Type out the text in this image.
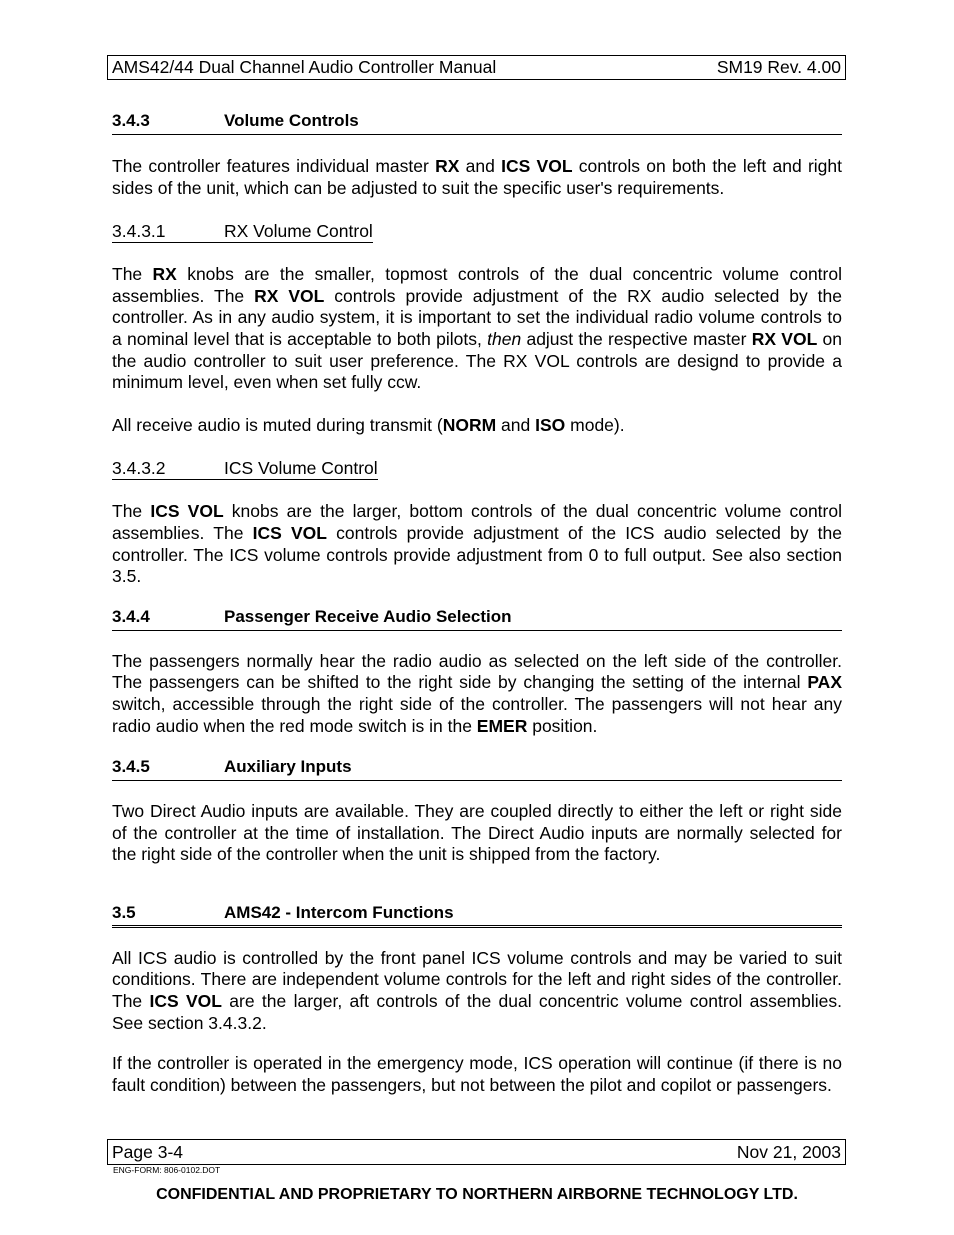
AMS42/44 Dual Channel Audio Controller Manual	SM19 Rev. 4.00
3.4.3	Volume Controls

The controller features individual master RX and ICS VOL controls on both the left and right sides of the unit, which can be adjusted to suit the specific user's requirements.

3.4.3.1	RX Volume Control

The RX knobs are the smaller, topmost controls of the dual concentric volume control assemblies. The RX VOL controls provide adjustment of the RX audio selected by the controller. As in any audio system, it is important to set the individual radio volume controls to a nominal level that is acceptable to both pilots, then adjust the respective master RX VOL on the audio controller to suit user preference. The RX VOL controls are designd to provide a minimum level, even when set fully ccw.

All receive audio is muted during transmit (NORM and ISO mode).

3.4.3.2	ICS Volume Control

The ICS VOL knobs are the larger, bottom controls of the dual concentric volume control assemblies. The ICS VOL controls provide adjustment of the ICS audio selected by the controller. The ICS volume controls provide adjustment from 0 to full output. See also section 3.5.

3.4.4	Passenger Receive Audio Selection

The passengers normally hear the radio audio as selected on the left side of the controller. The passengers can be shifted to the right side by changing the setting of the internal PAX switch, accessible through the right side of the controller. The passengers will not hear any radio audio when the red mode switch is in the EMER position.

3.4.5	Auxiliary Inputs

Two Direct Audio inputs are available. They are coupled directly to either the left or right side of the controller at the time of installation. The Direct Audio inputs are normally selected for the right side of the controller when the unit is shipped from the factory.

3.5	AMS42 - Intercom Functions

All ICS audio is controlled by the front panel ICS volume controls and may be varied to suit conditions. There are independent volume controls for the left and right sides of the controller. The ICS VOL are the larger, aft controls of the dual concentric volume control assemblies. See section 3.4.3.2.

If the controller is operated in the emergency mode, ICS operation will continue (if there is no fault condition) between the passengers, but not between the pilot and copilot or passengers.

Page 3-4	Nov 21, 2003
ENG-FORM: 806-0102.DOT
CONFIDENTIAL AND PROPRIETARY TO NORTHERN AIRBORNE TECHNOLOGY LTD.
